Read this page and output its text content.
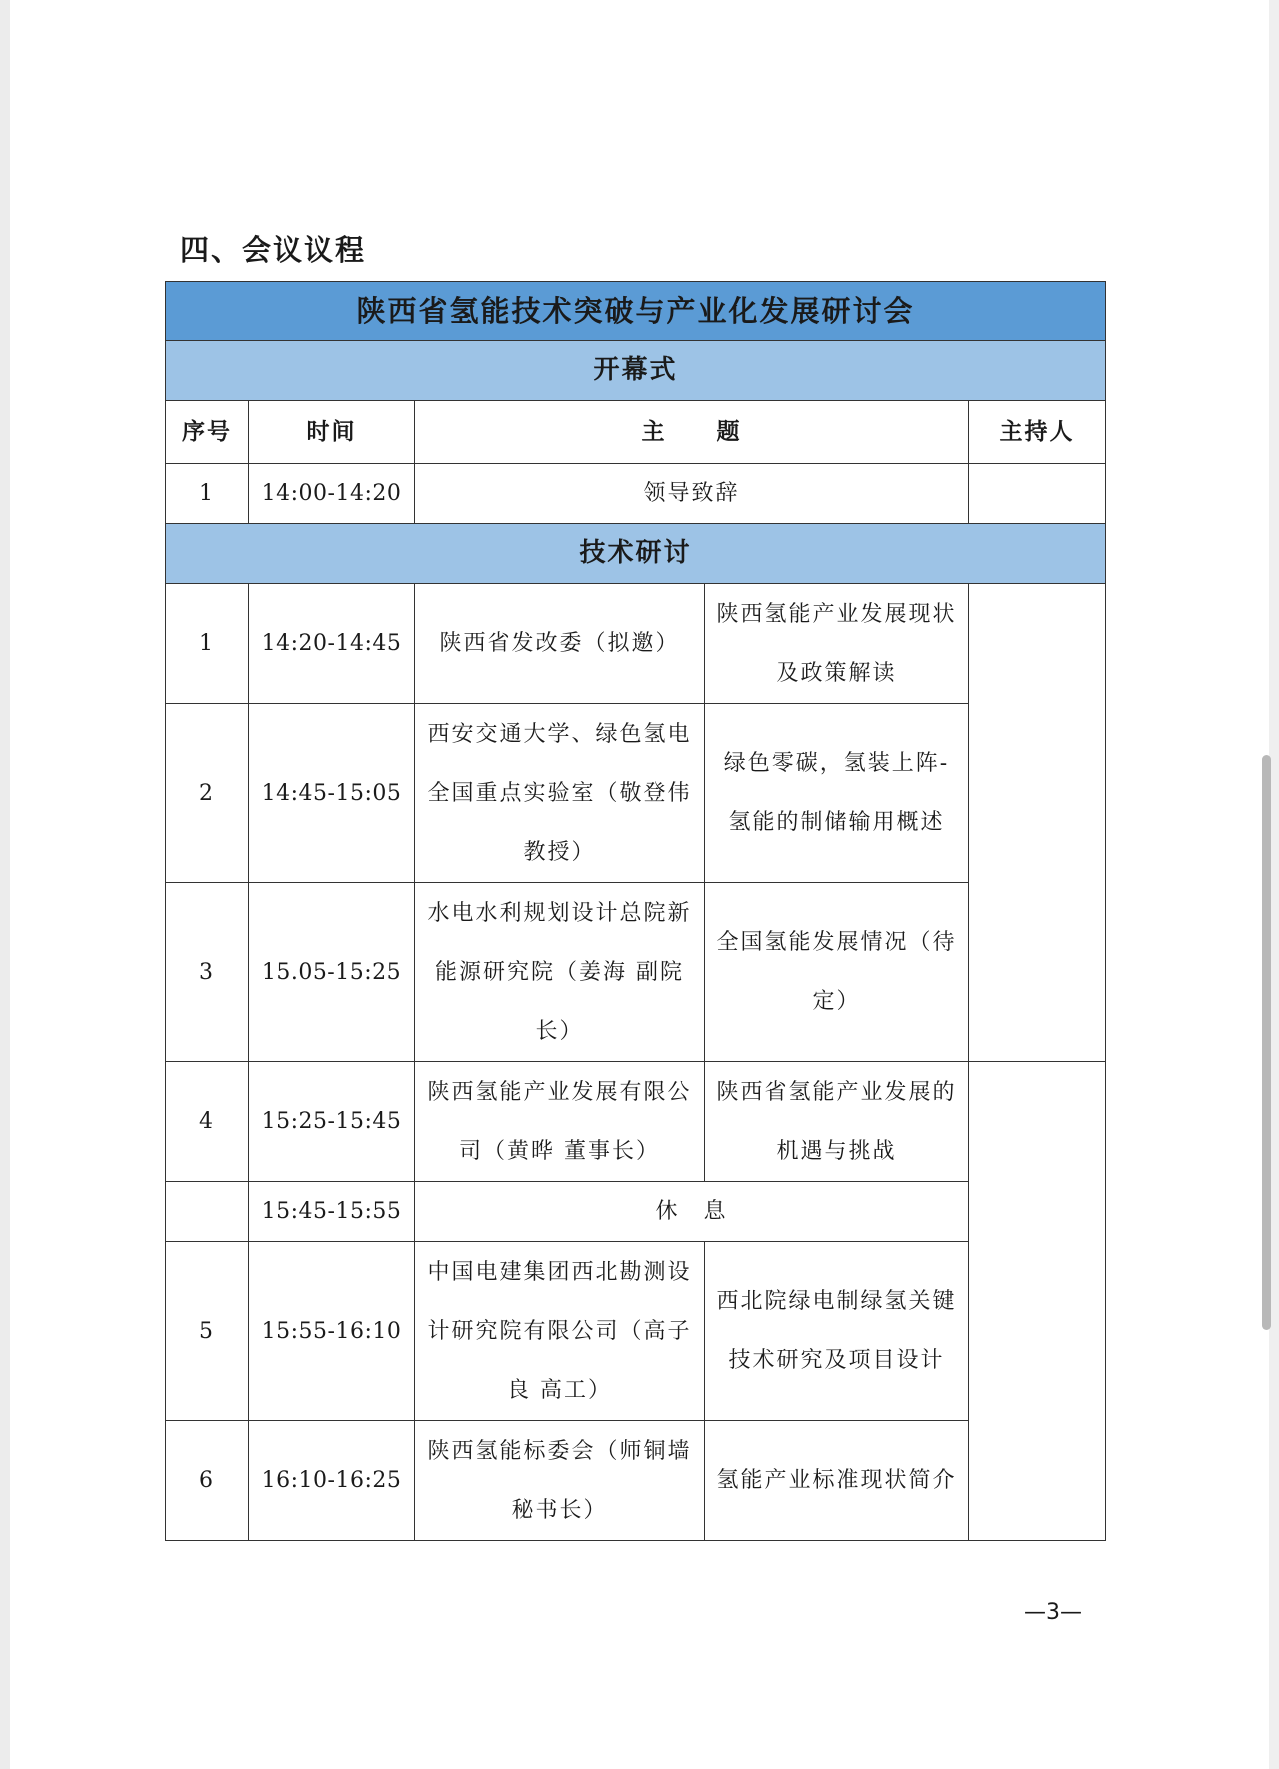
四、会议议程
陕西省氢能技术突破与产业化发展研讨会				
开幕式				
序号	时间	主　　题		主持人
1	14:00-14:20	领导致辞		
技术研讨				
1	14:20-14:45	陕西省发改委（拟邀）	陕西氢能产业发展现状及政策解读	
2	14:45-15:05	西安交通大学、绿色氢电全国重点实验室（敬登伟教授）	绿色零碳，氢装上阵-氢能的制储输用概述	
3	15.05-15:25	水电水利规划设计总院新能源研究院（姜海 副院长）	全国氢能发展情况（待定）	
4	15:25-15:45	陕西氢能产业发展有限公司（黄晔 董事长）	陕西省氢能产业发展的机遇与挑战	
	15:45-15:55	休　息		
5	15:55-16:10	中国电建集团西北勘测设计研究院有限公司（高子良 高工）	西北院绿电制绿氢关键技术研究及项目设计	
6	16:10-16:25	陕西氢能标委会（师铜墙秘书长）	氢能产业标准现状简介	
—3—
